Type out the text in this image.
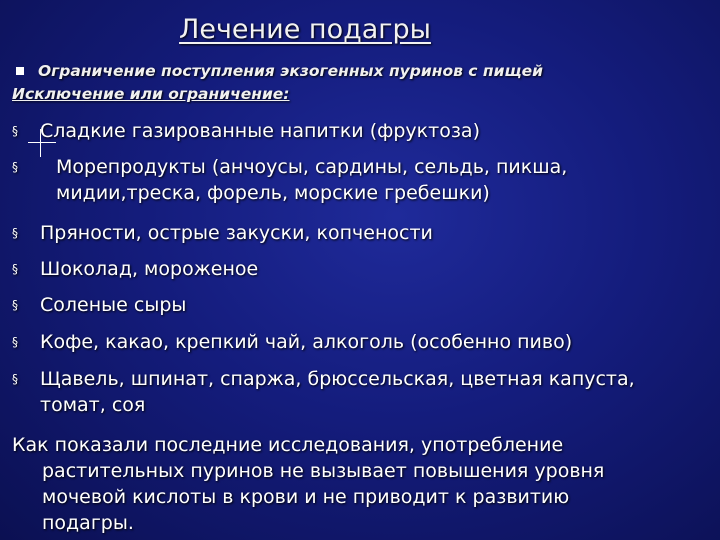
Лечение подагры
Ограничение поступления экзогенных пуринов с пищей
Исключение или ограничение:
§ Сладкие газированные напитки (фруктоза)
§ Морепродукты (анчоусы, сардины, сельдь, пикша,
мидии,треска, форель, морские гребешки)
§ Пряности, острые закуски, копчености
§ Шоколад, мороженое
§ Соленые сыры
§ Кофе, какао, крепкий чай, алкоголь (особенно пиво)
§ Щавель, шпинат, спаржа, брюссельская, цветная капуста,
томат, соя
Как показали последние исследования, употребление
растительных пуринов не вызывает повышения уровня
мочевой кислоты в крови и не приводит к развитию
подагры.
